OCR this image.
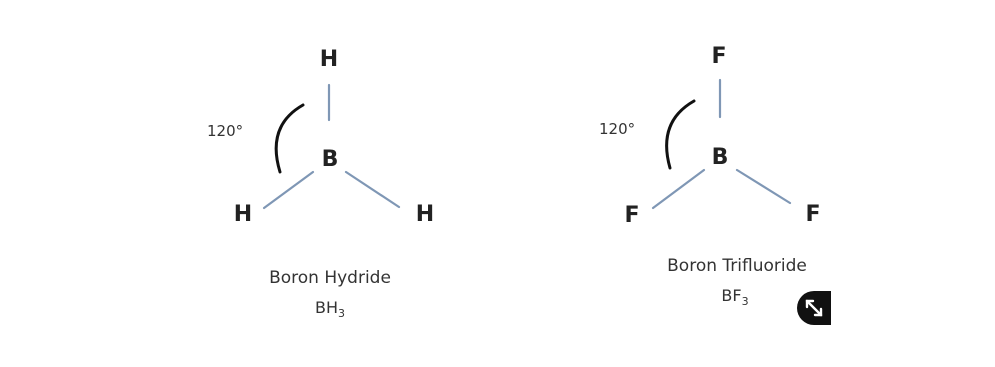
H
B
H	H
120°
Boron Hydride
$BH_3$
F
B
F	F
120°
Boron Trifluoride
$BF_3$
